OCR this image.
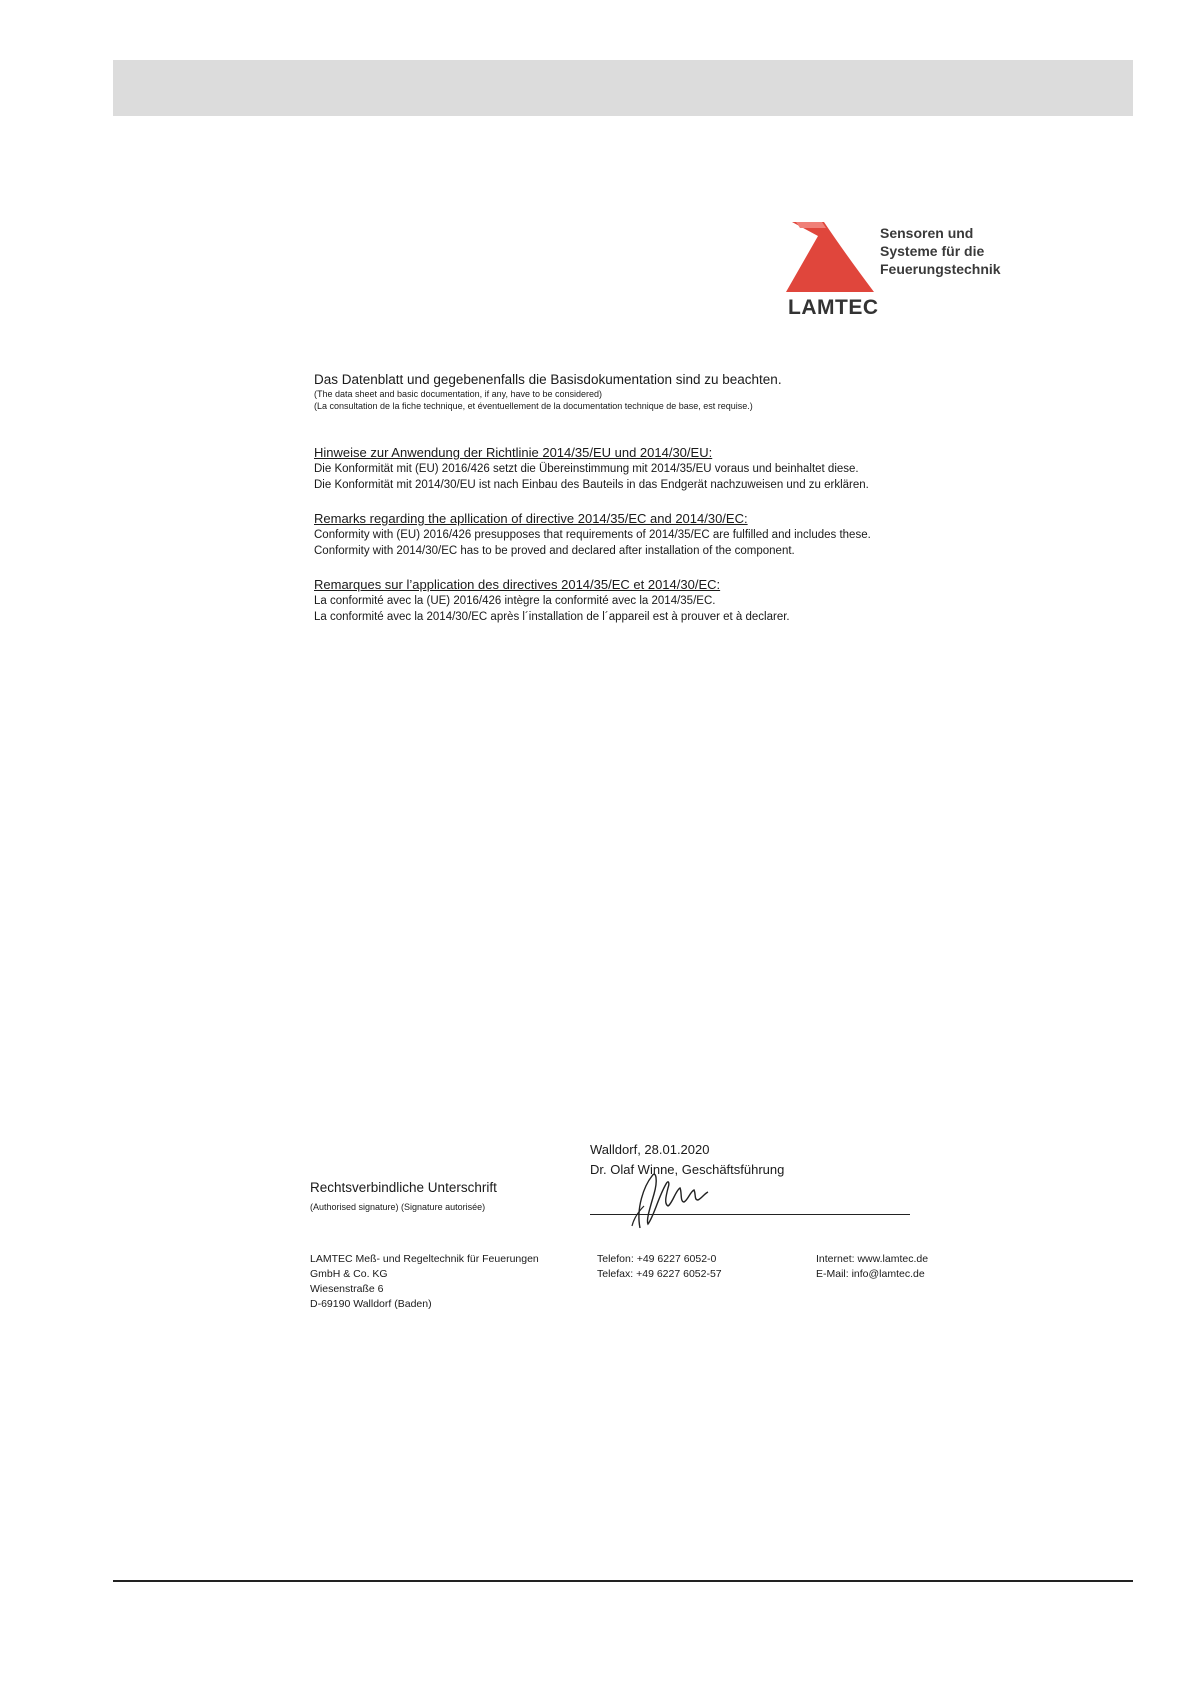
Sensoren und
Systeme für die
Feuerungstechnik
LAMTEC

Das Datenblatt und gegebenenfalls die Basisdokumentation sind zu beachten.

(The data sheet and basic documentation, if any, have to be considered)

(La consultation de la fiche technique, et éventuellement de la documentation technique de base, est requise.)

Hinweise zur Anwendung der Richtlinie 2014/35/EU und 2014/30/EU:

Die Konformität mit (EU) 2016/426 setzt die Übereinstimmung mit 2014/35/EU voraus und beinhaltet diese.

Die Konformität mit 2014/30/EU ist nach Einbau des Bauteils in das Endgerät nachzuweisen und zu erklären.

Remarks regarding the apllication of directive 2014/35/EC and 2014/30/EC:

Conformity with (EU) 2016/426 presupposes that requirements of 2014/35/EC are fulfilled and includes these.

Conformity with 2014/30/EC has to be proved and declared after installation of the component.

Remarques sur l’application des directives 2014/35/EC et 2014/30/EC:

La conformité avec la (UE) 2016/426 intègre la conformité avec la 2014/35/EC.

La conformité avec la 2014/30/EC après l´installation de l´appareil est à prouver et à declarer.

Walldorf, 28.01.2020
Dr. Olaf Winne, Geschäftsführung
Rechtsverbindliche Unterschrift
(Authorised signature) (Signature autorisée)
LAMTEC Meß- und Regeltechnik für Feuerungen
GmbH & Co. KG
Wiesenstraße 6
D-69190 Walldorf (Baden)
Telefon: +49 6227 6052-0
Telefax: +49 6227 6052-57
Internet: www.lamtec.de
E-Mail: info@lamtec.de
